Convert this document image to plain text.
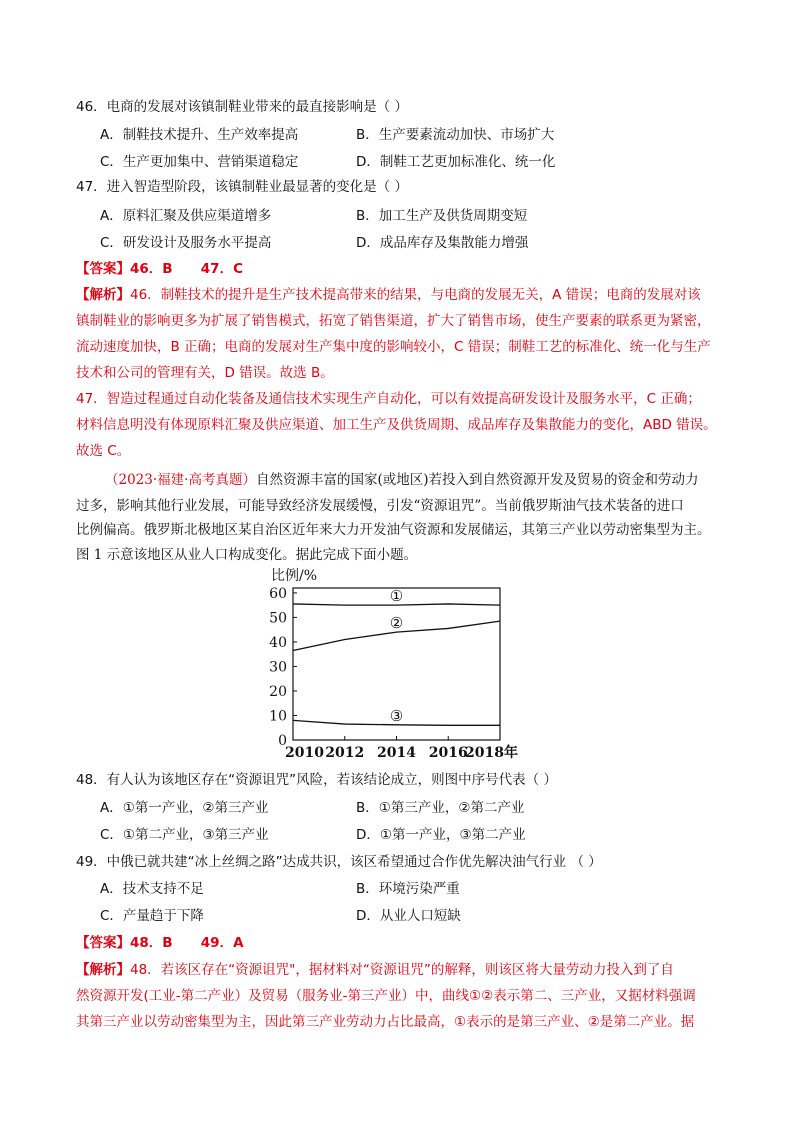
46．电商的发展对该镇制鞋业带来的最直接影响是（ ）
A．制鞋技术提升、生产效率提高	B．生产要素流动加快、市场扩大
C．生产更加集中、营销渠道稳定	D．制鞋工艺更加标准化、统一化
47．进入智造型阶段，该镇制鞋业最显著的变化是（ ）
A．原料汇聚及供应渠道增多	B．加工生产及供货周期变短
C．研发设计及服务水平提高	D．成品库存及集散能力增强
【答案】46．B      47．C
【解析】46．制鞋技术的提升是生产技术提高带来的结果，与电商的发展无关，A 错误；电商的发展对该
镇制鞋业的影响更多为扩展了销售模式，拓宽了销售渠道，扩大了销售市场，使生产要素的联系更为紧密，
流动速度加快，B 正确；电商的发展对生产集中度的影响较小，C 错误；制鞋工艺的标准化、统一化与生产
技术和公司的管理有关，D 错误。故选 B。
47．智造过程通过自动化装备及通信技术实现生产自动化，可以有效提高研发设计及服务水平，C 正确；
材料信息明没有体现原料汇聚及供应渠道、加工生产及供货周期、成品库存及集散能力的变化，ABD 错误。
故选 C。
（2023·福建·高考真题）自然资源丰富的国家(或地区)若投入到自然资源开发及贸易的资金和劳动力
过多，影响其他行业发展，可能导致经济发展缓慢，引发“资源诅咒”。当前俄罗斯油气技术装备的进口
比例偏高。俄罗斯北极地区某自治区近年来大力开发油气资源和发展储运，其第三产业以劳动密集型为主。
图 1 示意该地区从业人口构成变化。据此完成下面小题。
比例/%
0
10
20
30
40
50
60
2010 2012 2014 2016
2018年
①
②
③
48．有人认为该地区存在“资源诅咒”风险，若该结论成立，则图中序号代表（ ）
A．①第一产业，②第三产业	B．①第三产业，②第二产业
C．①第二产业，③第三产业	D．①第一产业，③第二产业
49．中俄已就共建“冰上丝绸之路”达成共识，该区希望通过合作优先解决油气行业 （ ）
A．技术支持不足	B．环境污染严重
C．产量趋于下降	D．从业人口短缺
【答案】48．B      49．A
【解析】48．若该区存在“资源诅咒"，据材料对“资源诅咒”的解释，则该区将大量劳动力投入到了自
然资源开发(工业-第二产业）及贸易（服务业-第三产业）中，曲线①②表示第二、三产业，又据材料强调
其第三产业以劳动密集型为主，因此第三产业劳动力占比最高，①表示的是第三产业、②是第二产业。据
